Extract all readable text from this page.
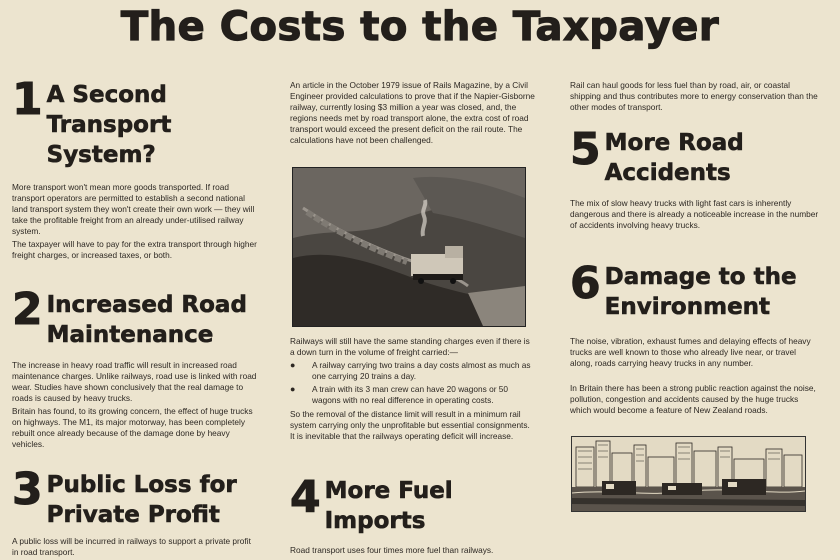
The Costs to the Taxpayer
1 A Second
Transport
System?
More transport won't mean more goods transported. If road transport operators are permitted to establish a second national land transport system they won't create their own work — they will take the profitable freight from an already under-utilised railway system.
The taxpayer will have to pay for the extra transport through higher freight charges, or increased taxes, or both.
2 Increased Road
Maintenance
The increase in heavy road traffic will result in increased road maintenance charges. Unlike railways, road use is linked with road wear. Studies have shown conclusively that the real damage to roads is caused by heavy trucks.
Britain has found, to its growing concern, the effect of huge trucks on highways. The M1, its major motorway, has been completely rebuilt once already because of the damage done by heavy vehicles.
3 Public Loss for
Private Profit
A public loss will be incurred in railways to support a private profit in road transport.
An article in the October 1979 issue of Rails Magazine, by a Civil Engineer provided calculations to prove that if the Napier-Gisborne railway, currently losing $3 million a year was closed, and, the regions needs met by road transport alone, the extra cost of road transport would exceed the present deficit on the rail route. The calculations have not been challenged.
Railways will still have the same standing charges even if there is a down turn in the volume of freight carried:—
●	A railway carrying two trains a day costs almost as much as one carrying 20 trains a day.
●	A train with its 3 man crew can have 20 wagons or 50 wagons with no real difference in operating costs.
So the removal of the distance limit will result in a minimum rail system carrying only the unprofitable but essential consignments. It is inevitable that the railways operating deficit will increase.
4 More Fuel
Imports
Road transport uses four times more fuel than railways.
Rail can haul goods for less fuel than by road, air, or coastal shipping and thus contributes more to energy conservation than the other modes of transport.
5 More Road
Accidents
The mix of slow heavy trucks with light fast cars is inherently dangerous and there is already a noticeable increase in the number of accidents involving heavy trucks.
6 Damage to the
Environment
The noise, vibration, exhaust fumes and delaying effects of heavy trucks are well known to those who already live near, or travel along, roads carrying heavy trucks in any number.
In Britain there has been a strong public reaction against the noise, pollution, congestion and accidents caused by the huge trucks which would become a feature of New Zealand roads.
